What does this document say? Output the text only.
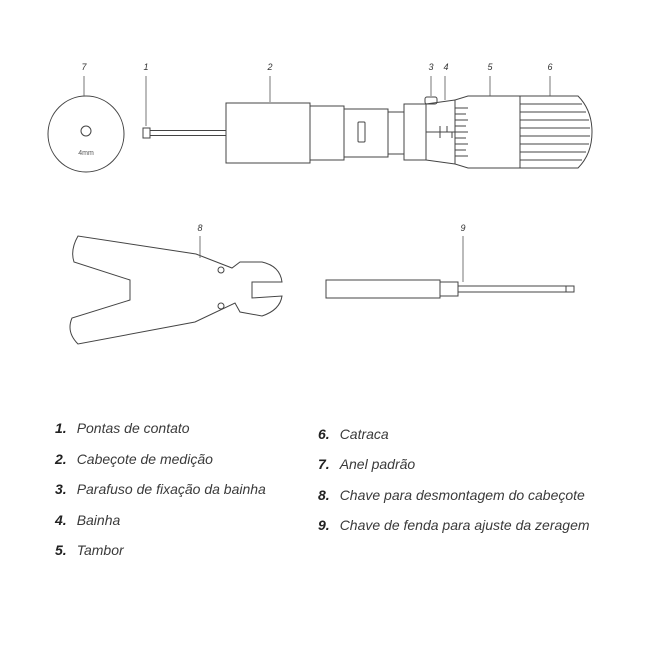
7	1	2	3 4	5	6
8	9
4mm
1. Pontas de contato
2. Cabeçote de medição
3. Parafuso de fixação da bainha
4. Bainha
5. Tambor
6. Catraca
7. Anel padrão
8. Chave para desmontagem do cabeçote
9. Chave de fenda para ajuste da zeragem
